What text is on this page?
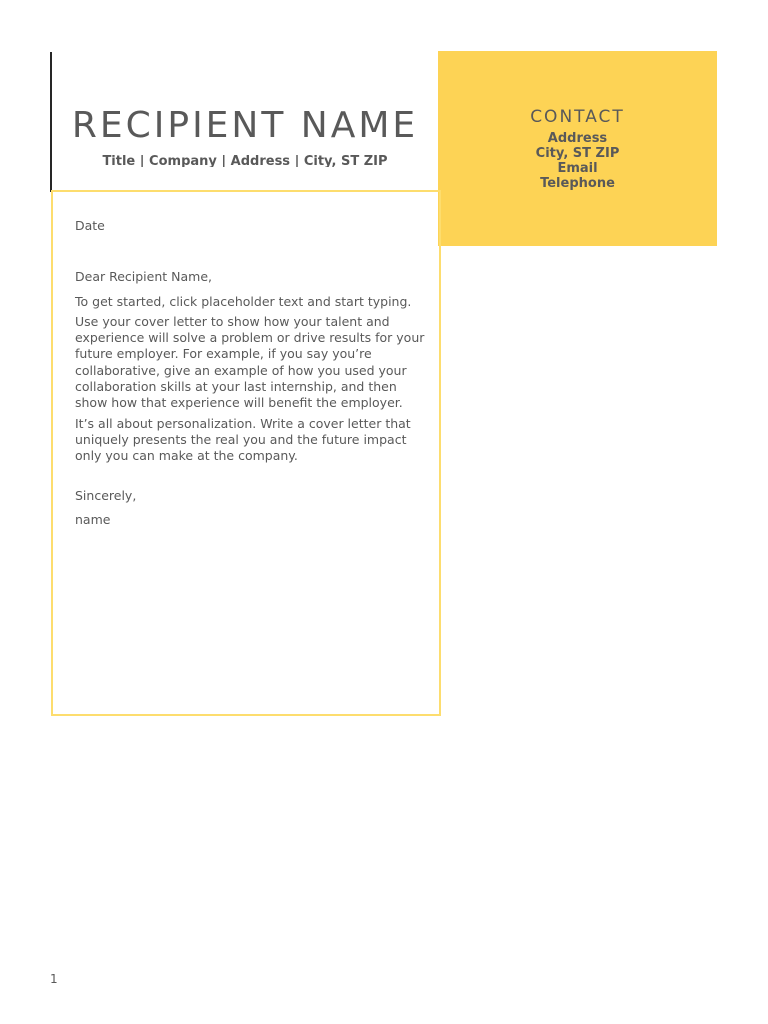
RECIPIENT NAME
Title | Company | Address | City, ST ZIP
CONTACT
Address
City, ST ZIP
Email
Telephone

Date

Dear Recipient Name,

To get started, click placeholder text and start typing.

Use your cover letter to show how your talent and experience will solve a problem or drive results for your future employer. For example, if you say you’re collaborative, give an example of how you used your collaboration skills at your last internship, and then show how that experience will benefit the employer.

It’s all about personalization. Write a cover letter that uniquely presents the real you and the future impact only you can make at the company.

Sincerely,

name

1
